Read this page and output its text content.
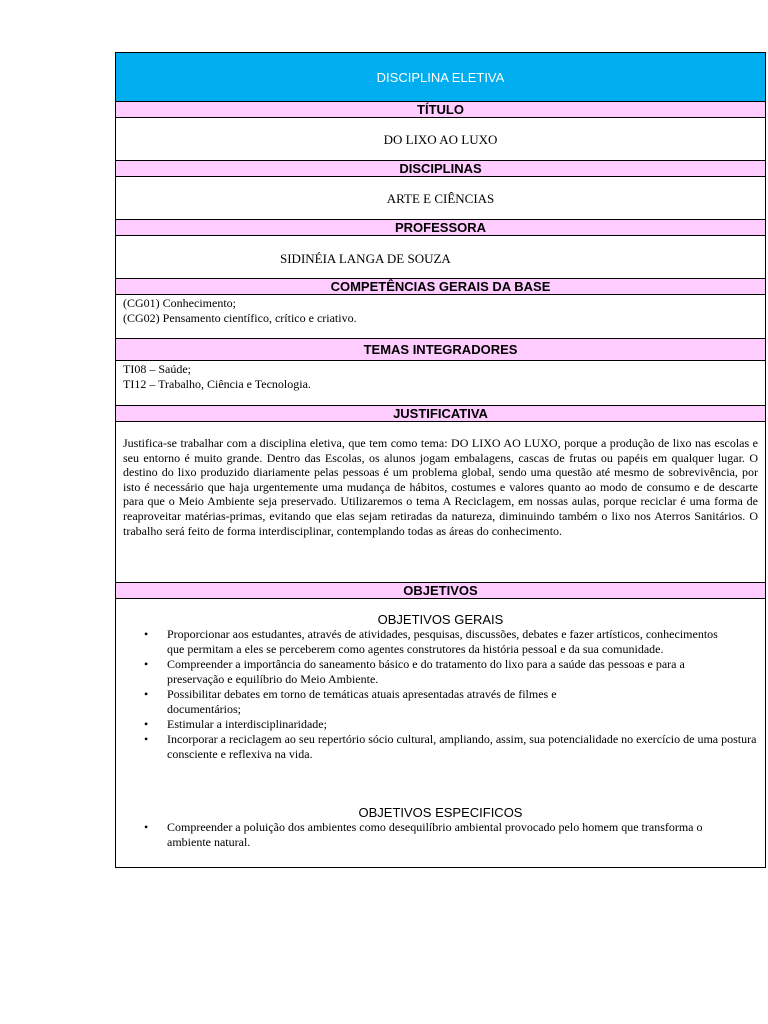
DISCIPLINA ELETIVA
TÍTULO
DO LIXO AO LUXO
DISCIPLINAS
ARTE E CIÊNCIAS
PROFESSORA
SIDINÉIA LANGA DE SOUZA
COMPETÊNCIAS GERAIS DA BASE
(CG01) Conhecimento;
(CG02) Pensamento científico, crítico e criativo.
TEMAS INTEGRADORES
TI08 – Saúde;
TI12 – Trabalho, Ciência e Tecnologia.
JUSTIFICATIVA
Justifica-se trabalhar com a disciplina eletiva, que tem como tema: DO LIXO AO LUXO, porque a produção de lixo nas escolas e seu entorno é muito grande. Dentro das Escolas, os alunos jogam embalagens, cascas de frutas ou papéis em qualquer lugar. O destino do lixo produzido diariamente pelas pessoas é um problema global, sendo uma questão até mesmo de sobrevivência, por isto é necessário que haja urgentemente uma mudança de hábitos, costumes e valores quanto ao modo de consumo e de descarte para que o Meio Ambiente seja preservado. Utilizaremos o tema A Reciclagem, em nossas aulas, porque reciclar é uma forma de reaproveitar matérias-primas, evitando que elas sejam retiradas da natureza, diminuindo também o lixo nos Aterros Sanitários. O trabalho será feito de forma interdisciplinar, contemplando todas as áreas do conhecimento.
OBJETIVOS
OBJETIVOS GERAIS
• Proporcionar aos estudantes, através de atividades, pesquisas, discussões, debates e fazer artísticos, conhecimentos que permitam a eles se perceberem como agentes construtores da história pessoal e da sua comunidade.
• Compreender a importância do saneamento básico e do tratamento do lixo para a saúde das pessoas e para a preservação e equilíbrio do Meio Ambiente.
• Possibilitar debates em torno de temáticas atuais apresentadas através de filmes e documentários;
• Estimular a interdisciplinaridade;
• Incorporar a reciclagem ao seu repertório sócio cultural, ampliando, assim, sua potencialidade no exercício de uma postura consciente e reflexiva na vida.
OBJETIVOS ESPECIFICOS
• Compreender a poluição dos ambientes como desequilíbrio ambiental provocado pelo homem que transforma o ambiente natural.
